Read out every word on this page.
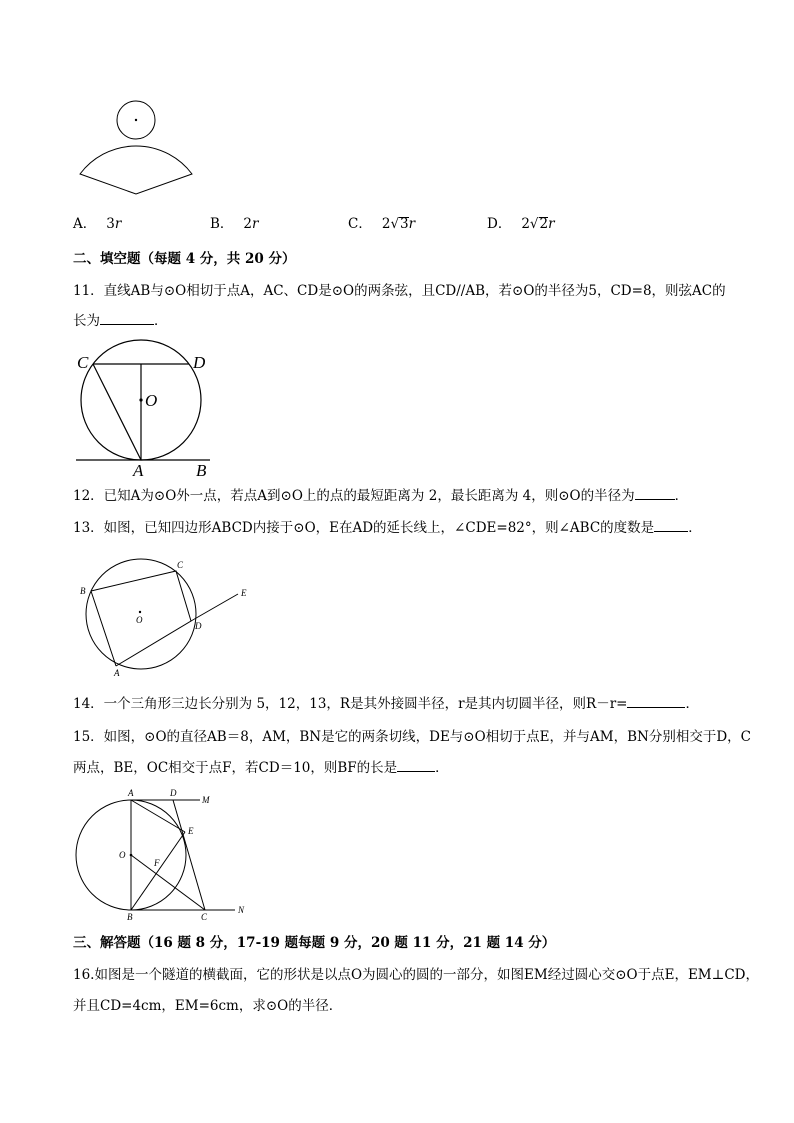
A． 3r	B． 2r	C． 2√3r	D． 2√2r
二、填空题（每题 4 分，共 20 分）
11．直线AB与⊙O相切于点A，AC、CD是⊙O的两条弦，且CD//AB，若⊙O的半径为5，CD=8，则弦AC的
长为	．
C	D
O
A	B
12．已知A为⊙O外一点，若点A到⊙O上的点的最短距离为 2，最长距离为 4，则⊙O的半径为	．
13．如图，已知四边形ABCD内接于⊙O，E在AD的延长线上，∠CDE=82°，则∠ABC的度数是	．
B
C
E
O
D
A
14．一个三角形三边长分别为 5，12，13，R是其外接圆半径，r是其内切圆半径，则R－r=	．
15．如图，⊙O的直径AB＝8，AM，BN是它的两条切线，DE与⊙O相切于点E，并与AM，BN分别相交于D，C
两点，BE，OC相交于点F，若CD＝10，则BF的长是	．
A	D
M
E
O
F
B	C
N
三、解答题（16 题 8 分，17-19 题每题 9 分，20 题 11 分，21 题 14 分）
16.如图是一个隧道的横截面，它的形状是以点O为圆心的圆的一部分，如图EM经过圆心交⊙O于点E，EM⊥CD，
并且CD=4cm，EM=6cm，求⊙O的半径．
